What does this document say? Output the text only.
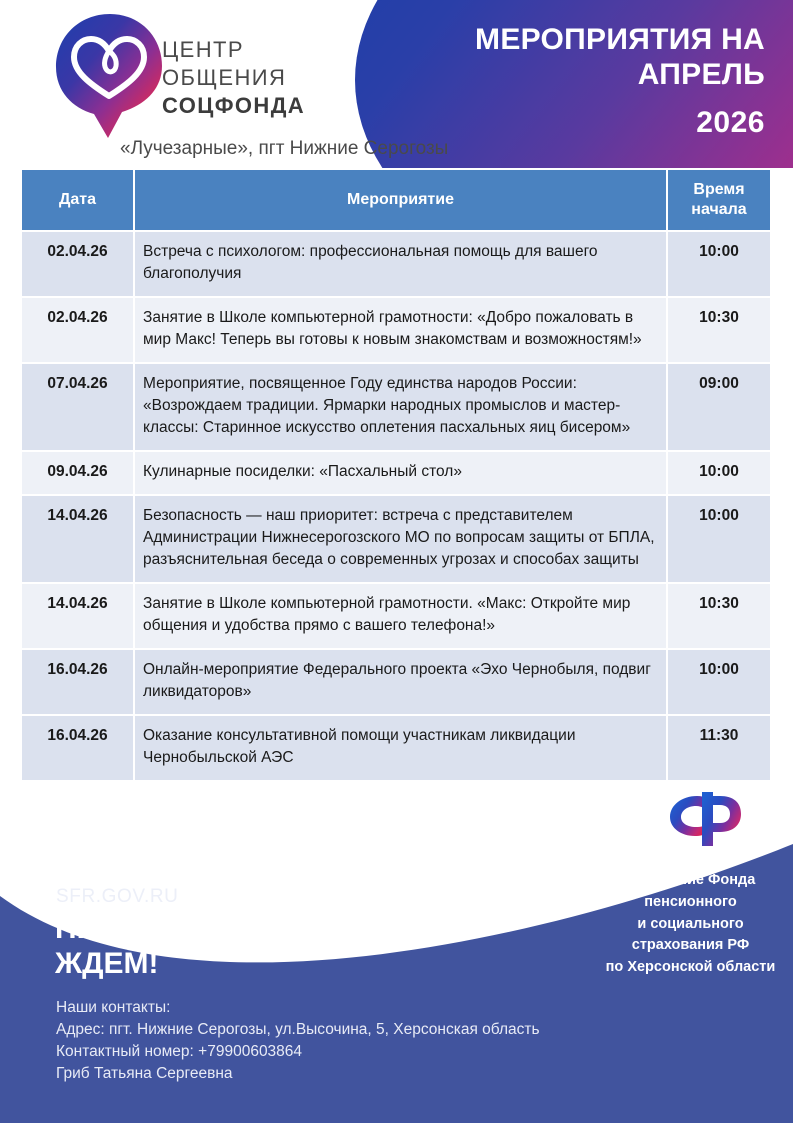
ЦЕНТР
ОБЩЕНИЯ
СОЦФОНДА
«Лучезарные», пгт Нижние Серогозы
МЕРОПРИЯТИЯ НА АПРЕЛЬ
2026
Дата	Мероприятие	Время начала
02.04.26	Встреча с психологом: профессиональная помощь для вашего благополучия	10:00
02.04.26	Занятие в Школе компьютерной грамотности: «Добро пожаловать в мир Макс! Теперь вы готовы к новым знакомствам и возможностям!»	10:30
07.04.26	Мероприятие, посвященное Году единства народов России: «Возрождаем традиции. Ярмарки народных промыслов и мастер-классы: Старинное искусство оплетения пасхальных яиц бисером»	09:00
09.04.26	Кулинарные посиделки: «Пасхальный стол»	10:00
14.04.26	Безопасность — наш приоритет: встреча с представителем Администрации Нижнесерогозского МО по вопросам защиты от БПЛА, разъяснительная беседа о современных угрозах и способах защиты	10:00
14.04.26	Занятие в Школе компьютерной грамотности. «Макс: Откройте мир общения и удобства прямо с вашего телефона!»	10:30
16.04.26	Онлайн-мероприятие Федерального проекта «Эхо Чернобыля, подвиг ликвидаторов»	10:00
16.04.26	Оказание консультативной помощи участникам ликвидации Чернобыльской АЭС	11:30
Отделение Фонда
пенсионного
и социального
страхования РФ
по Херсонской области
SFR.GOV.RU
ПРИХОДИТЕ, МЫ ВАС ЖДЕМ!
Наши контакты:
Адрес: пгт. Нижние Серогозы, ул.Высочина, 5, Херсонская область
Контактный номер: +79900603864
Гриб Татьяна Сергеевна
